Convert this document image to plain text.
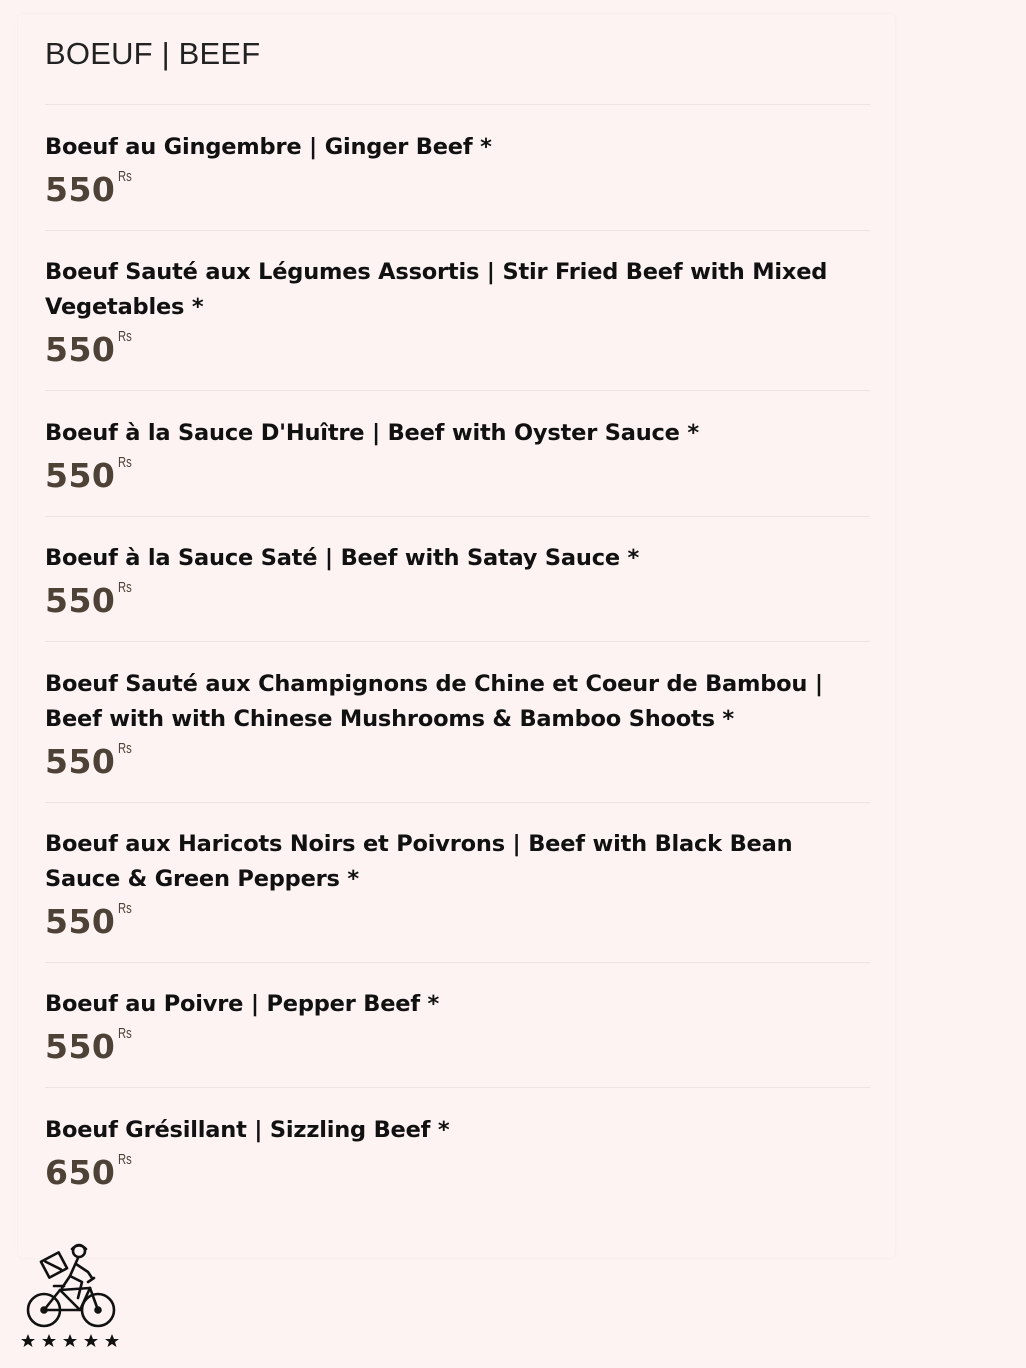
BOEUF | BEEF

Boeuf au Gingembre | Ginger Beef *

550 Rs

Boeuf Sauté aux Légumes Assortis | Stir Fried Beef with Mixed Vegetables *

550 Rs

Boeuf à la Sauce D'Huître | Beef with Oyster Sauce *

550 Rs

Boeuf à la Sauce Saté | Beef with Satay Sauce *

550 Rs

Boeuf Sauté aux Champignons de Chine et Coeur de Bambou | Beef with with Chinese Mushrooms & Bamboo Shoots *

550 Rs

Boeuf aux Haricots Noirs et Poivrons | Beef with Black Bean Sauce & Green Peppers *

550 Rs

Boeuf au Poivre | Pepper Beef *

550 Rs

Boeuf Grésillant | Sizzling Beef *

650 Rs
